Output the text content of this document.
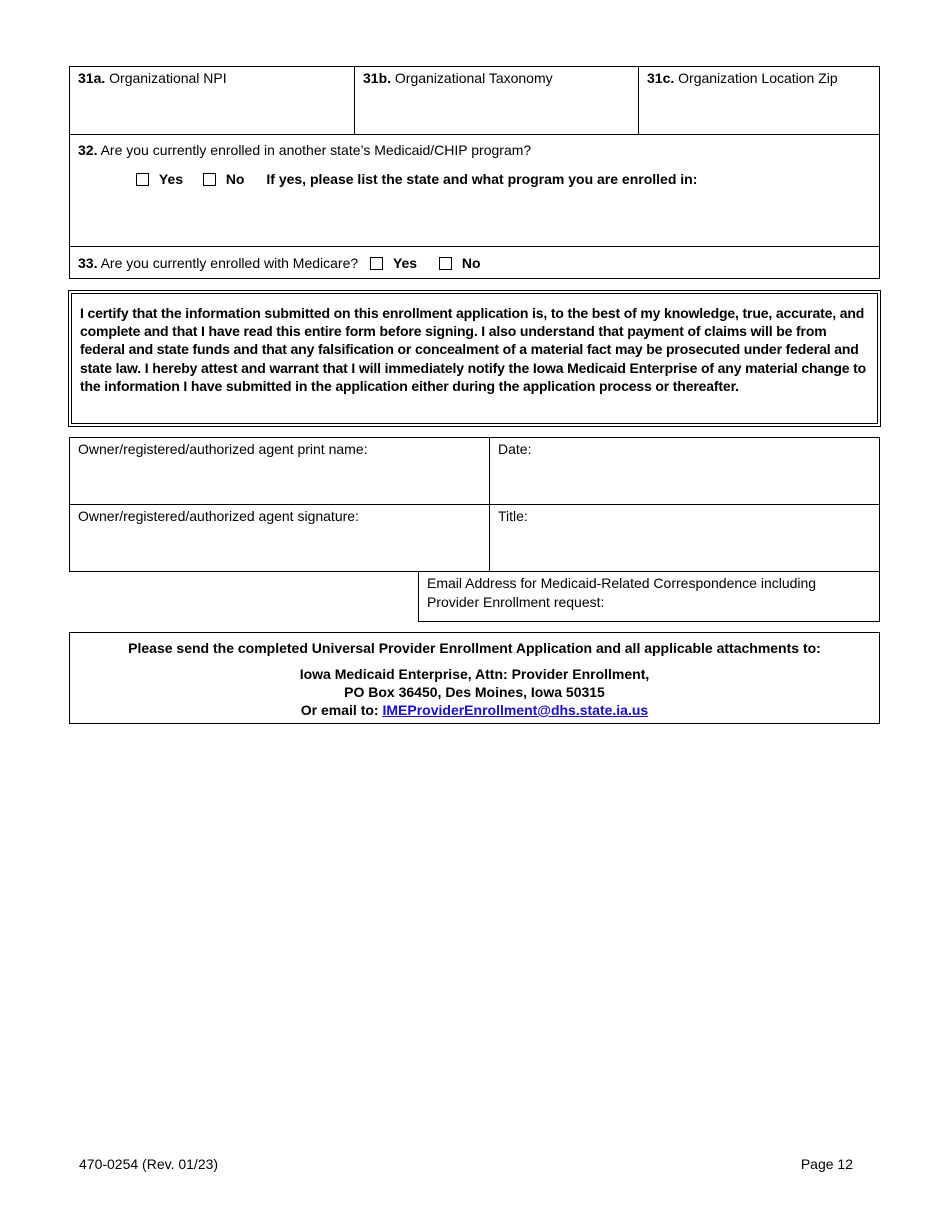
31a. Organizational NPI	31b. Organizational Taxonomy	31c. Organization Location Zip
32. Are you currently enrolled in another state’s Medicaid/CHIP program?
Yes	No If yes, please list the state and what program you are enrolled in:
33. Are you currently enrolled with Medicare? Yes	No
I certify that the information submitted on this enrollment application is, to the best of my knowledge, true, accurate, and complete and that I have read this entire form before signing. I also understand that payment of claims will be from federal and state funds and that any falsification or concealment of a material fact may be prosecuted under federal and state law. I hereby attest and warrant that I will immediately notify the Iowa Medicaid Enterprise of any material change to the information I have submitted in the application either during the application process or thereafter.
Owner/registered/authorized agent print name:	Date:
Owner/registered/authorized agent signature:	Title:
Email Address for Medicaid-Related Correspondence including Provider Enrollment request:
Please send the completed Universal Provider Enrollment Application and all applicable attachments to:
Iowa Medicaid Enterprise, Attn: Provider Enrollment,
PO Box 36450, Des Moines, Iowa 50315
Or email to: IMEProviderEnrollment@dhs.state.ia.us
470-0254 (Rev. 01/23)	Page 12
